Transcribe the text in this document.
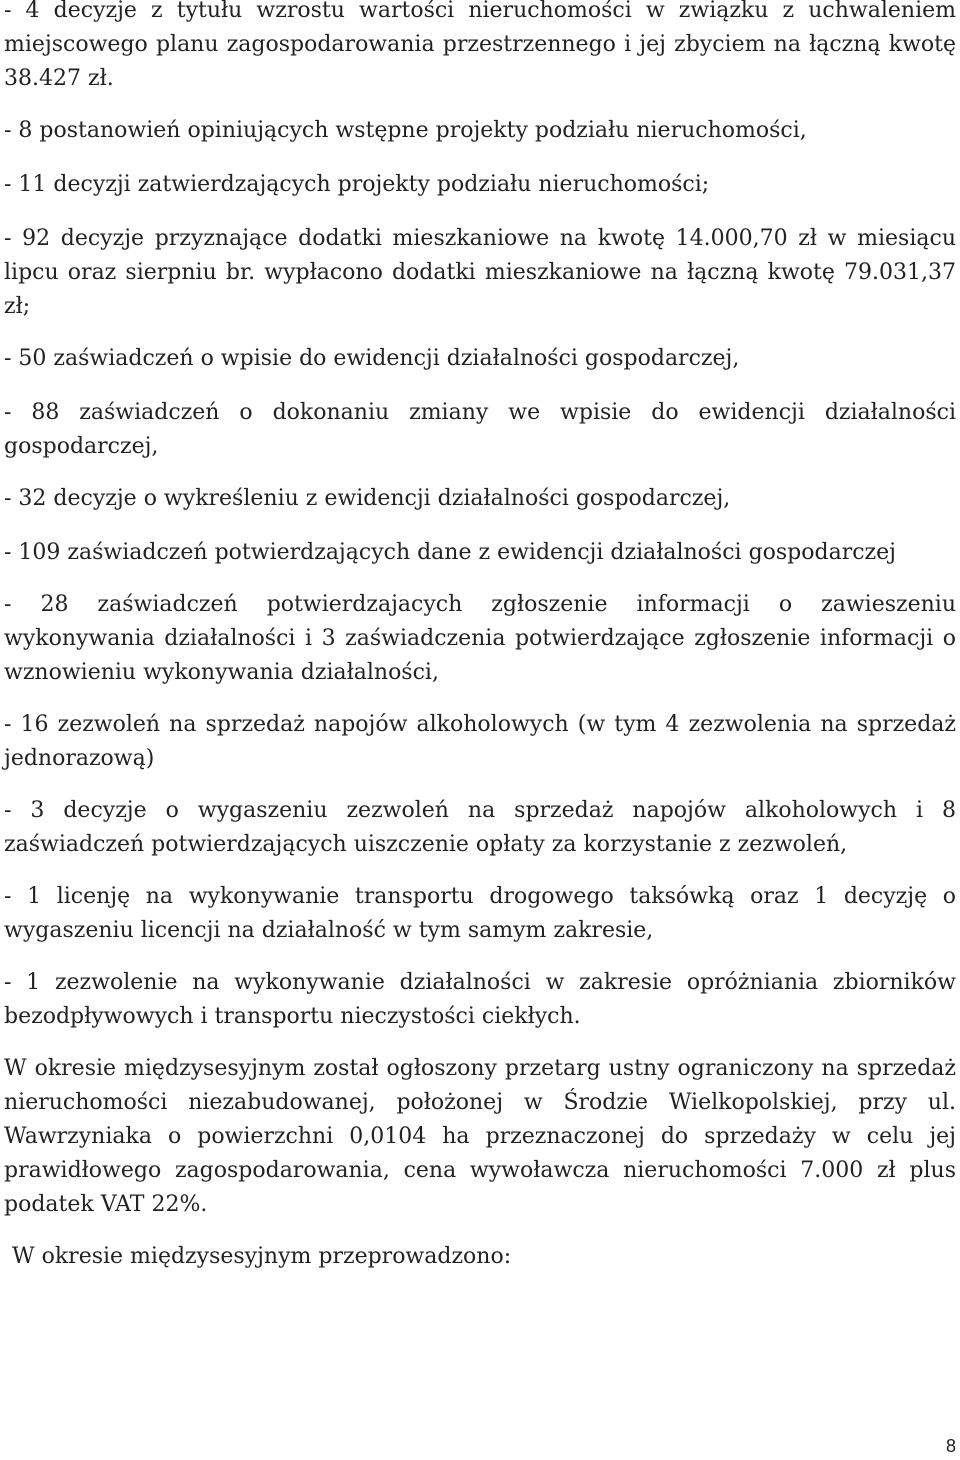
- 4 decyzje z tytułu wzrostu wartości nieruchomości w związku z uchwaleniem miejscowego planu zagospodarowania przestrzennego i jej zbyciem na łączną kwotę 38.427 zł.

- 8 postanowień opiniujących wstępne projekty podziału nieruchomości,

- 11 decyzji zatwierdzających projekty podziału nieruchomości;

- 92 decyzje przyznające dodatki mieszkaniowe na kwotę 14.000,70 zł w miesiącu lipcu oraz sierpniu br. wypłacono dodatki mieszkaniowe na łączną kwotę 79.031,37 zł;

- 50 zaświadczeń o wpisie do ewidencji działalności gospodarczej,

- 88 zaświadczeń o dokonaniu zmiany we wpisie do ewidencji działalności gospodarczej,

- 32 decyzje o wykreśleniu z ewidencji działalności gospodarczej,

- 109 zaświadczeń potwierdzających dane z ewidencji działalności gospodarczej

- 28 zaświadczeń potwierdzajacych zgłoszenie informacji o zawieszeniu wykonywania działalności i 3 zaświadczenia potwierdzające zgłoszenie informacji o wznowieniu wykonywania działalności,

- 16 zezwoleń na sprzedaż napojów alkoholowych (w tym 4 zezwolenia na sprzedaż jednorazową)

- 3 decyzje o wygaszeniu zezwoleń na sprzedaż napojów alkoholowych i 8 zaświadczeń potwierdzających uiszczenie opłaty za korzystanie z zezwoleń,

- 1 licenję na wykonywanie transportu drogowego taksówką oraz 1 decyzję o wygaszeniu licencji na działalność w tym samym zakresie,

- 1 zezwolenie na wykonywanie działalności w zakresie opróżniania zbiorników bezodpływowych i transportu nieczystości ciekłych.

W okresie międzysesyjnym został ogłoszony przetarg ustny ograniczony na sprzedaż nieruchomości niezabudowanej, położonej w Środzie Wielkopolskiej, przy ul. Wawrzyniaka o powierzchni 0,0104 ha przeznaczonej do sprzedaży w celu jej prawidłowego zagospodarowania, cena wywoławcza nieruchomości 7.000 zł plus podatek VAT 22%.

W okresie międzysesyjnym przeprowadzono:

8
